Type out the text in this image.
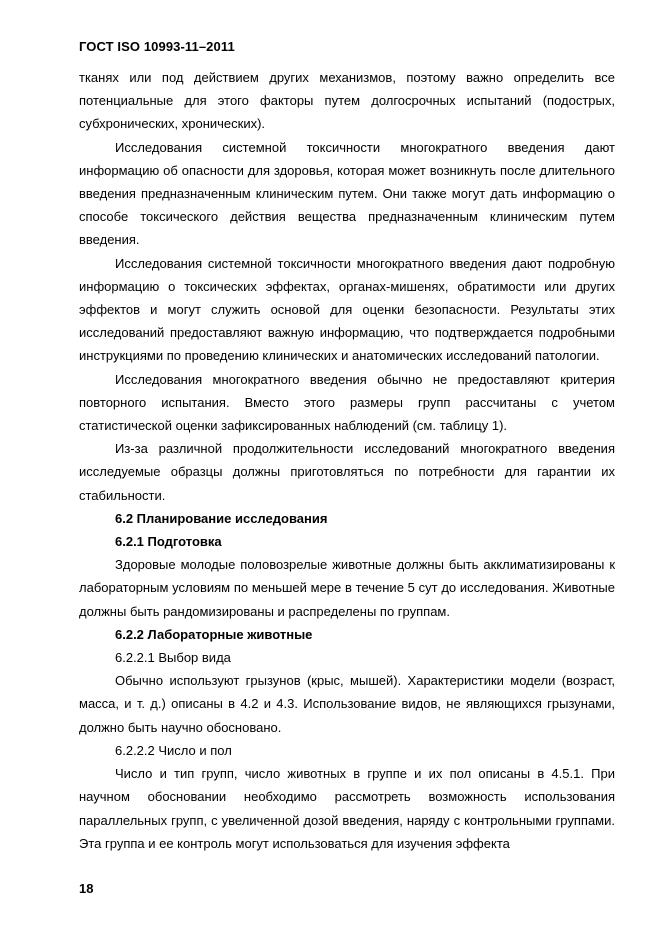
ГОСТ ISO 10993-11–2011

тканях или под действием других механизмов, поэтому важно определить все потенциальные для этого факторы путем долгосрочных испытаний (подострых, субхронических, хронических).

Исследования системной токсичности многократного введения дают информацию об опасности для здоровья, которая может возникнуть после длительного введения предназначенным клиническим путем. Они также могут дать информацию о способе токсического действия вещества предназначенным клиническим путем введения.

Исследования системной токсичности многократного введения дают подробную информацию о токсических эффектах, органах-мишенях, обратимости или других эффектов и могут служить основой для оценки безопасности. Результаты этих исследований предоставляют важную информацию, что подтверждается подробными инструкциями по проведению клинических и анатомических исследований патологии.

Исследования многократного введения обычно не предоставляют критерия повторного испытания. Вместо этого размеры групп рассчитаны с учетом статистической оценки зафиксированных наблюдений (см. таблицу 1).

Из-за различной продолжительности исследований многократного введения исследуемые образцы должны приготовляться по потребности для гарантии их стабильности.

6.2 Планирование исследования

6.2.1 Подготовка

Здоровые молодые половозрелые животные должны быть акклиматизированы к лабораторным условиям по меньшей мере в течение 5 сут до исследования. Животные должны быть рандомизированы и распределены по группам.

6.2.2 Лабораторные животные

6.2.2.1 Выбор вида

Обычно используют грызунов (крыс, мышей). Характеристики модели (возраст, масса, и т. д.) описаны в 4.2 и 4.3. Использование видов, не являющихся грызунами, должно быть научно обосновано.

6.2.2.2 Число и пол

Число и тип групп, число животных в группе и их пол описаны в 4.5.1. При научном обосновании необходимо рассмотреть возможность использования параллельных групп, с увеличенной дозой введения, наряду с контрольными группами. Эта группа и ее контроль могут использоваться для изучения эффекта

18
